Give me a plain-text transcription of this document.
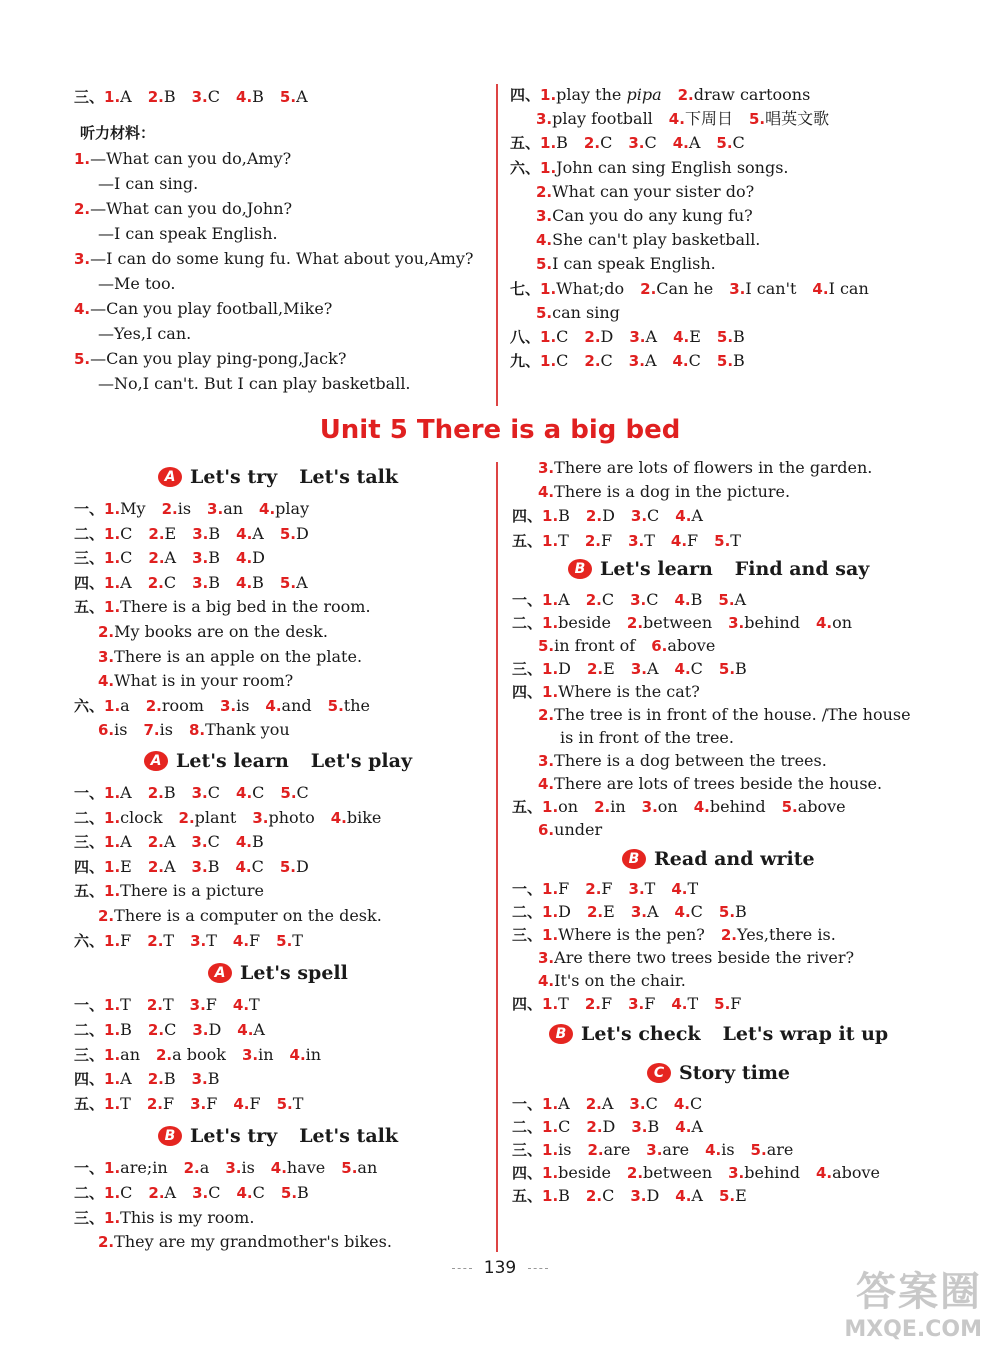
Unit 5 There is a big bed
三、1.A 2.B 3.C 4.B 5.A
听力材料：
1.—What can you do,Amy?
—I can sing.
2.—What can you do,John?
—I can speak English.
3.—I can do some kung fu. What about you,Amy?
—Me too.
4.—Can you play football,Mike?
—Yes,I can.
5.—Can you play ping-pong,Jack?
—No,I can't. But I can play basketball.
四、1.play the pipa 2.draw cartoons
3.play football 4.下周日 5.唱英文歌
五、1.B 2.C 3.C 4.A 5.C
六、1.John can sing English songs.
2.What can your sister do?
3.Can you do any kung fu?
4.She can't play basketball.
5.I can speak English.
七、1.What;do 2.Can he 3.I can't 4.I can
5.can sing
八、1.C 2.D 3.A 4.E 5.B
九、1.C 2.C 3.A 4.C 5.B
A Let's try Let's talk
一、1.My 2.is 3.an 4.play
二、1.C 2.E 3.B 4.A 5.D
三、1.C 2.A 3.B 4.D
四、1.A 2.C 3.B 4.B 5.A
五、1.There is a big bed in the room.
2.My books are on the desk.
3.There is an apple on the plate.
4.What is in your room?
六、1.a 2.room 3.is 4.and 5.the
6.is 7.is 8.Thank you
A Let's learn Let's play
一、1.A 2.B 3.C 4.C 5.C
二、1.clock 2.plant 3.photo 4.bike
三、1.A 2.A 3.C 4.B
四、1.E 2.A 3.B 4.C 5.D
五、1.There is a picture
2.There is a computer on the desk.
六、1.F 2.T 3.T 4.F 5.T
A Let's spell
一、1.T 2.T 3.F 4.T
二、1.B 2.C 3.D 4.A
三、1.an 2.a book 3.in 4.in
四、1.A 2.B 3.B
五、1.T 2.F 3.F 4.F 5.T
B Let's try Let's talk
一、1.are;in 2.a 3.is 4.have 5.an
二、1.C 2.A 3.C 4.C 5.B
三、1.This is my room.
2.They are my grandmother's bikes.
3.There are lots of flowers in the garden.
4.There is a dog in the picture.
四、1.B 2.D 3.C 4.A
五、1.T 2.F 3.T 4.F 5.T
B Let's learn Find and say
一、1.A 2.C 3.C 4.B 5.A
二、1.beside 2.between 3.behind 4.on
5.in front of 6.above
三、1.D 2.E 3.A 4.C 5.B
四、1.Where is the cat?
2.The tree is in front of the house. /The house
is in front of the tree.
3.There is a dog between the trees.
4.There are lots of trees beside the house.
五、1.on 2.in 3.on 4.behind 5.above
6.under
B Read and write
一、1.F 2.F 3.T 4.T
二、1.D 2.E 3.A 4.C 5.B
三、1.Where is the pen? 2.Yes,there is.
3.Are there two trees beside the river?
4.It's on the chair.
四、1.T 2.F 3.F 4.T 5.F
B Let's check Let's wrap it up
C Story time
一、1.A 2.A 3.C 4.C
二、1.C 2.D 3.B 4.A
三、1.is 2.are 3.are 4.is 5.are
四、1.beside 2.between 3.behind 4.above
五、1.B 2.C 3.D 4.A 5.E
139
答案圈
MXQE.COM
